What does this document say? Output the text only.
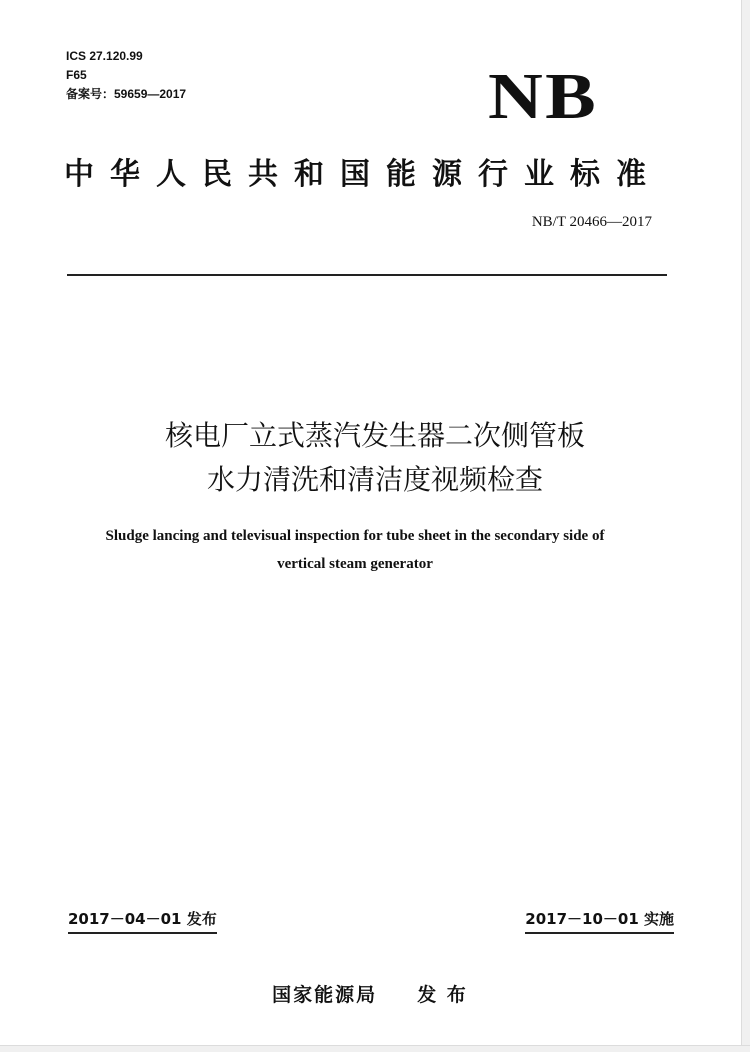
ICS 27.120.99
F65
备案号：59659—2017	NB
中华人民共和国能源行业标准
NB/T 20466—2017
核电厂立式蒸汽发生器二次侧管板
水力清洗和清洁度视频检查
Sludge lancing and televisual inspection for tube sheet in the secondary side of
vertical steam generator
2017－04－01 发布	2017－10－01 实施
国家能源局 发 布
